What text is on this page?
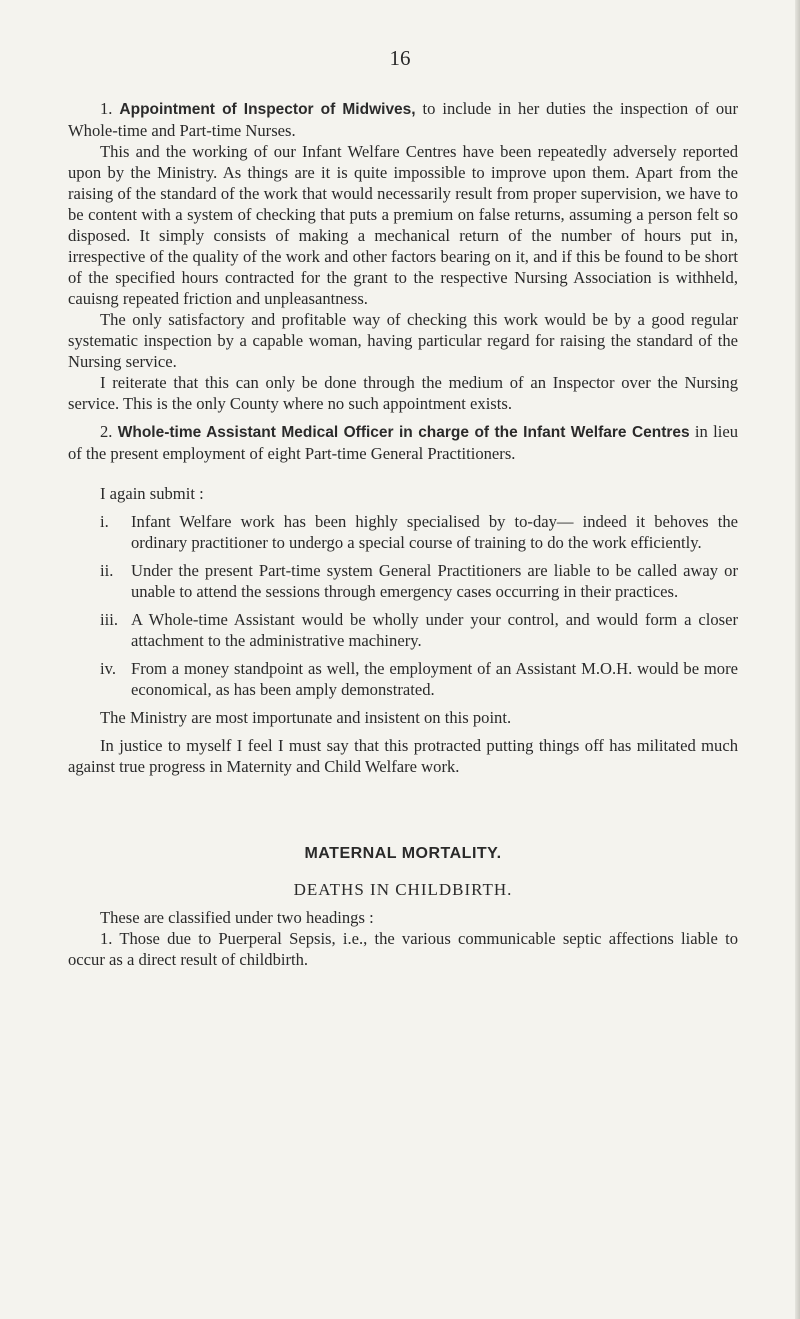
16

1. Appointment of Inspector of Midwives, to include in her duties the inspection of our Whole-time and Part-time Nurses.

This and the working of our Infant Welfare Centres have been repeatedly adversely reported upon by the Ministry. As things are it is quite impossible to improve upon them. Apart from the raising of the standard of the work that would necessarily result from proper supervision, we have to be content with a system of checking that puts a premium on false returns, assuming a person felt so disposed. It simply consists of making a mechanical return of the number of hours put in, irrespective of the quality of the work and other factors bearing on it, and if this be found to be short of the specified hours contracted for the grant to the respective Nursing Association is withheld, cauisng repeated friction and unpleasantness.

The only satisfactory and profitable way of checking this work would be by a good regular systematic inspection by a capable woman, having particular regard for raising the standard of the Nursing service.

I reiterate that this can only be done through the medium of an Inspector over the Nursing service. This is the only County where no such appointment exists.

2. Whole-time Assistant Medical Officer in charge of the Infant Welfare Centres in lieu of the present employment of eight Part-time General Practitioners.

I again submit :

i.	Infant Welfare work has been highly specialised by to-day— indeed it behoves the ordinary practitioner to undergo a special course of training to do the work efficiently.
ii.	Under the present Part-time system General Practitioners are liable to be called away or unable to attend the sessions through emergency cases occurring in their practices.
iii. A Whole-time Assistant would be wholly under your control, and would form a closer attachment to the administrative machinery.
iv. From a money standpoint as well, the employment of an Assistant M.O.H. would be more economical, as has been amply demonstrated.

The Ministry are most importunate and insistent on this point.

In justice to myself I feel I must say that this protracted putting things off has militated much against true progress in Maternity and Child Welfare work.

MATERNAL MORTALITY.
DEATHS IN CHILDBIRTH.

These are classified under two headings :

1. Those due to Puerperal Sepsis, i.e., the various communicable septic affections liable to occur as a direct result of childbirth.
